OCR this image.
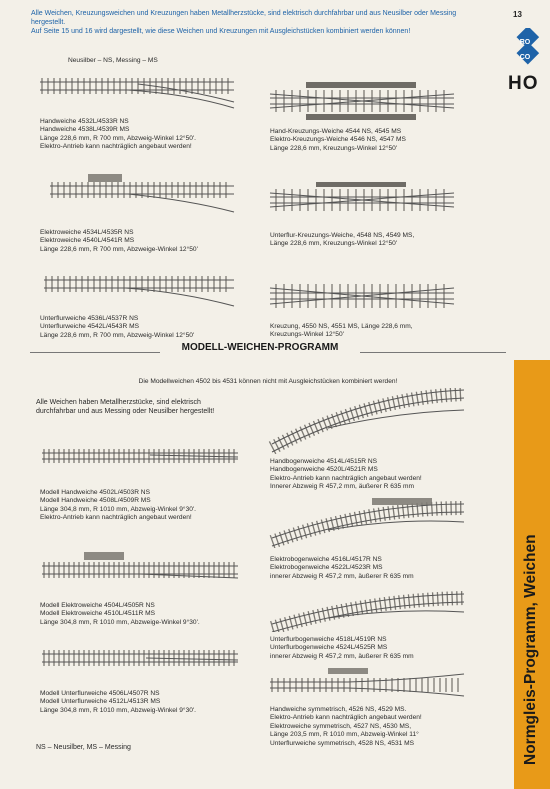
Alle Weichen, Kreuzungsweichen und Kreuzungen haben Metallherzstücke, sind elektrisch durchfahrbar und aus Neusilber oder Messing hergestellt.
Auf Seite 15 und 16 wird dargestellt, wie diese Weichen und Kreuzungen mit Ausgleichstücken kombiniert werden können!
13
RO
CO
HO
Normgleis-Programm, Weichen
Neusilber – NS, Messing – MS
Handweiche 4532L/4533R NS
Handweiche 4538L/4539R MS
Länge 228,6 mm, R 700 mm, Abzweig-Winkel 12°50'.
Elektro-Antrieb kann nachträglich angebaut werden!
Elektroweiche 4534L/4535R NS
Elektroweiche 4540L/4541R MS
Länge 228,6 mm, R 700 mm, Abzweige-Winkel 12°50'
Unterflurweiche 4536L/4537R NS
Unterflurweiche 4542L/4543R MS
Länge 228,6 mm, R 700 mm, Abzweig-Winkel 12°50'
Hand-Kreuzungs-Weiche 4544 NS, 4545 MS
Elektro-Kreuzungs-Weiche 4546 NS, 4547 MS
Länge 228,6 mm, Kreuzungs-Winkel 12°50'
Unterflur-Kreuzungs-Weiche, 4548 NS, 4549 MS,
Länge 228,6 mm, Kreuzungs-Winkel 12°50'
Kreuzung, 4550 NS, 4551 MS, Länge 228,6 mm,
Kreuzungs-Winkel 12°50'
MODELL-WEICHEN-PROGRAMM
Die Modellweichen 4502 bis 4531 können nicht mit Ausgleichstücken kombiniert werden!
Alle Weichen haben Metallherzstücke, sind elektrisch durchfahrbar und aus Messing oder Neusilber hergestellt!
Modell Handweiche 4502L/4503R NS
Modell Handweiche 4508L/4509R MS
Länge 304,8 mm, R 1010 mm, Abzweig-Winkel 9°30'.
Elektro-Antrieb kann nachträglich angebaut werden!
Modell Elektroweiche 4504L/4505R NS
Modell Elektroweiche 4510L/4511R MS
Länge 304,8 mm, R 1010 mm, Abzweige-Winkel 9°30'.
Modell Unterflurweiche 4506L/4507R NS
Modell Unterflurweiche 4512L/4513R MS
Länge 304,8 mm, R 1010 mm, Abzweig-Winkel 9°30'.
NS – Neusilber, MS – Messing
Handbogenweiche 4514L/4515R NS
Handbogenweiche 4520L/4521R MS
Elektro-Antrieb kann nachträglich angebaut werden!
Innerer Abzweig R 457,2 mm, äußerer R 635 mm
Elektrobogenweiche 4516L/4517R NS
Elektrobogenweiche 4522L/4523R MS
innerer Abzweig R 457,2 mm, äußerer R 635 mm
Unterflurbogenweiche 4518L/4519R NS
Unterflurbogenweiche 4524L/4525R MS
innerer Abzweig R 457,2 mm, äußerer R 635 mm
Handweiche symmetrisch, 4526 NS, 4529 MS.
Elektro-Antrieb kann nachträglich angebaut werden!
Elektroweiche symmetrisch, 4527 NS, 4530 MS,
Länge 203,5 mm, R 1010 mm, Abzweig-Winkel 11°
Unterflurweiche symmetrisch, 4528 NS, 4531 MS
